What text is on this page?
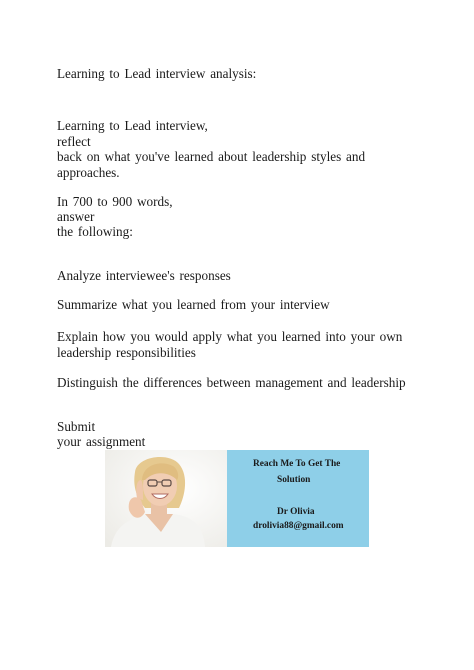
Learning to Lead interview analysis:
Learning to Lead interview,
reflect
back on what you've learned about leadership styles and
approaches.
In 700 to 900 words,
answer
the following:
Analyze interviewee's responses
Summarize what you learned from your interview
Explain how you would apply what you learned into your own
leadership responsibilities
Distinguish the differences between management and leadership
Submit
your assignment
Reach Me To Get The
Solution
Dr Olivia
drolivia88@gmail.com
